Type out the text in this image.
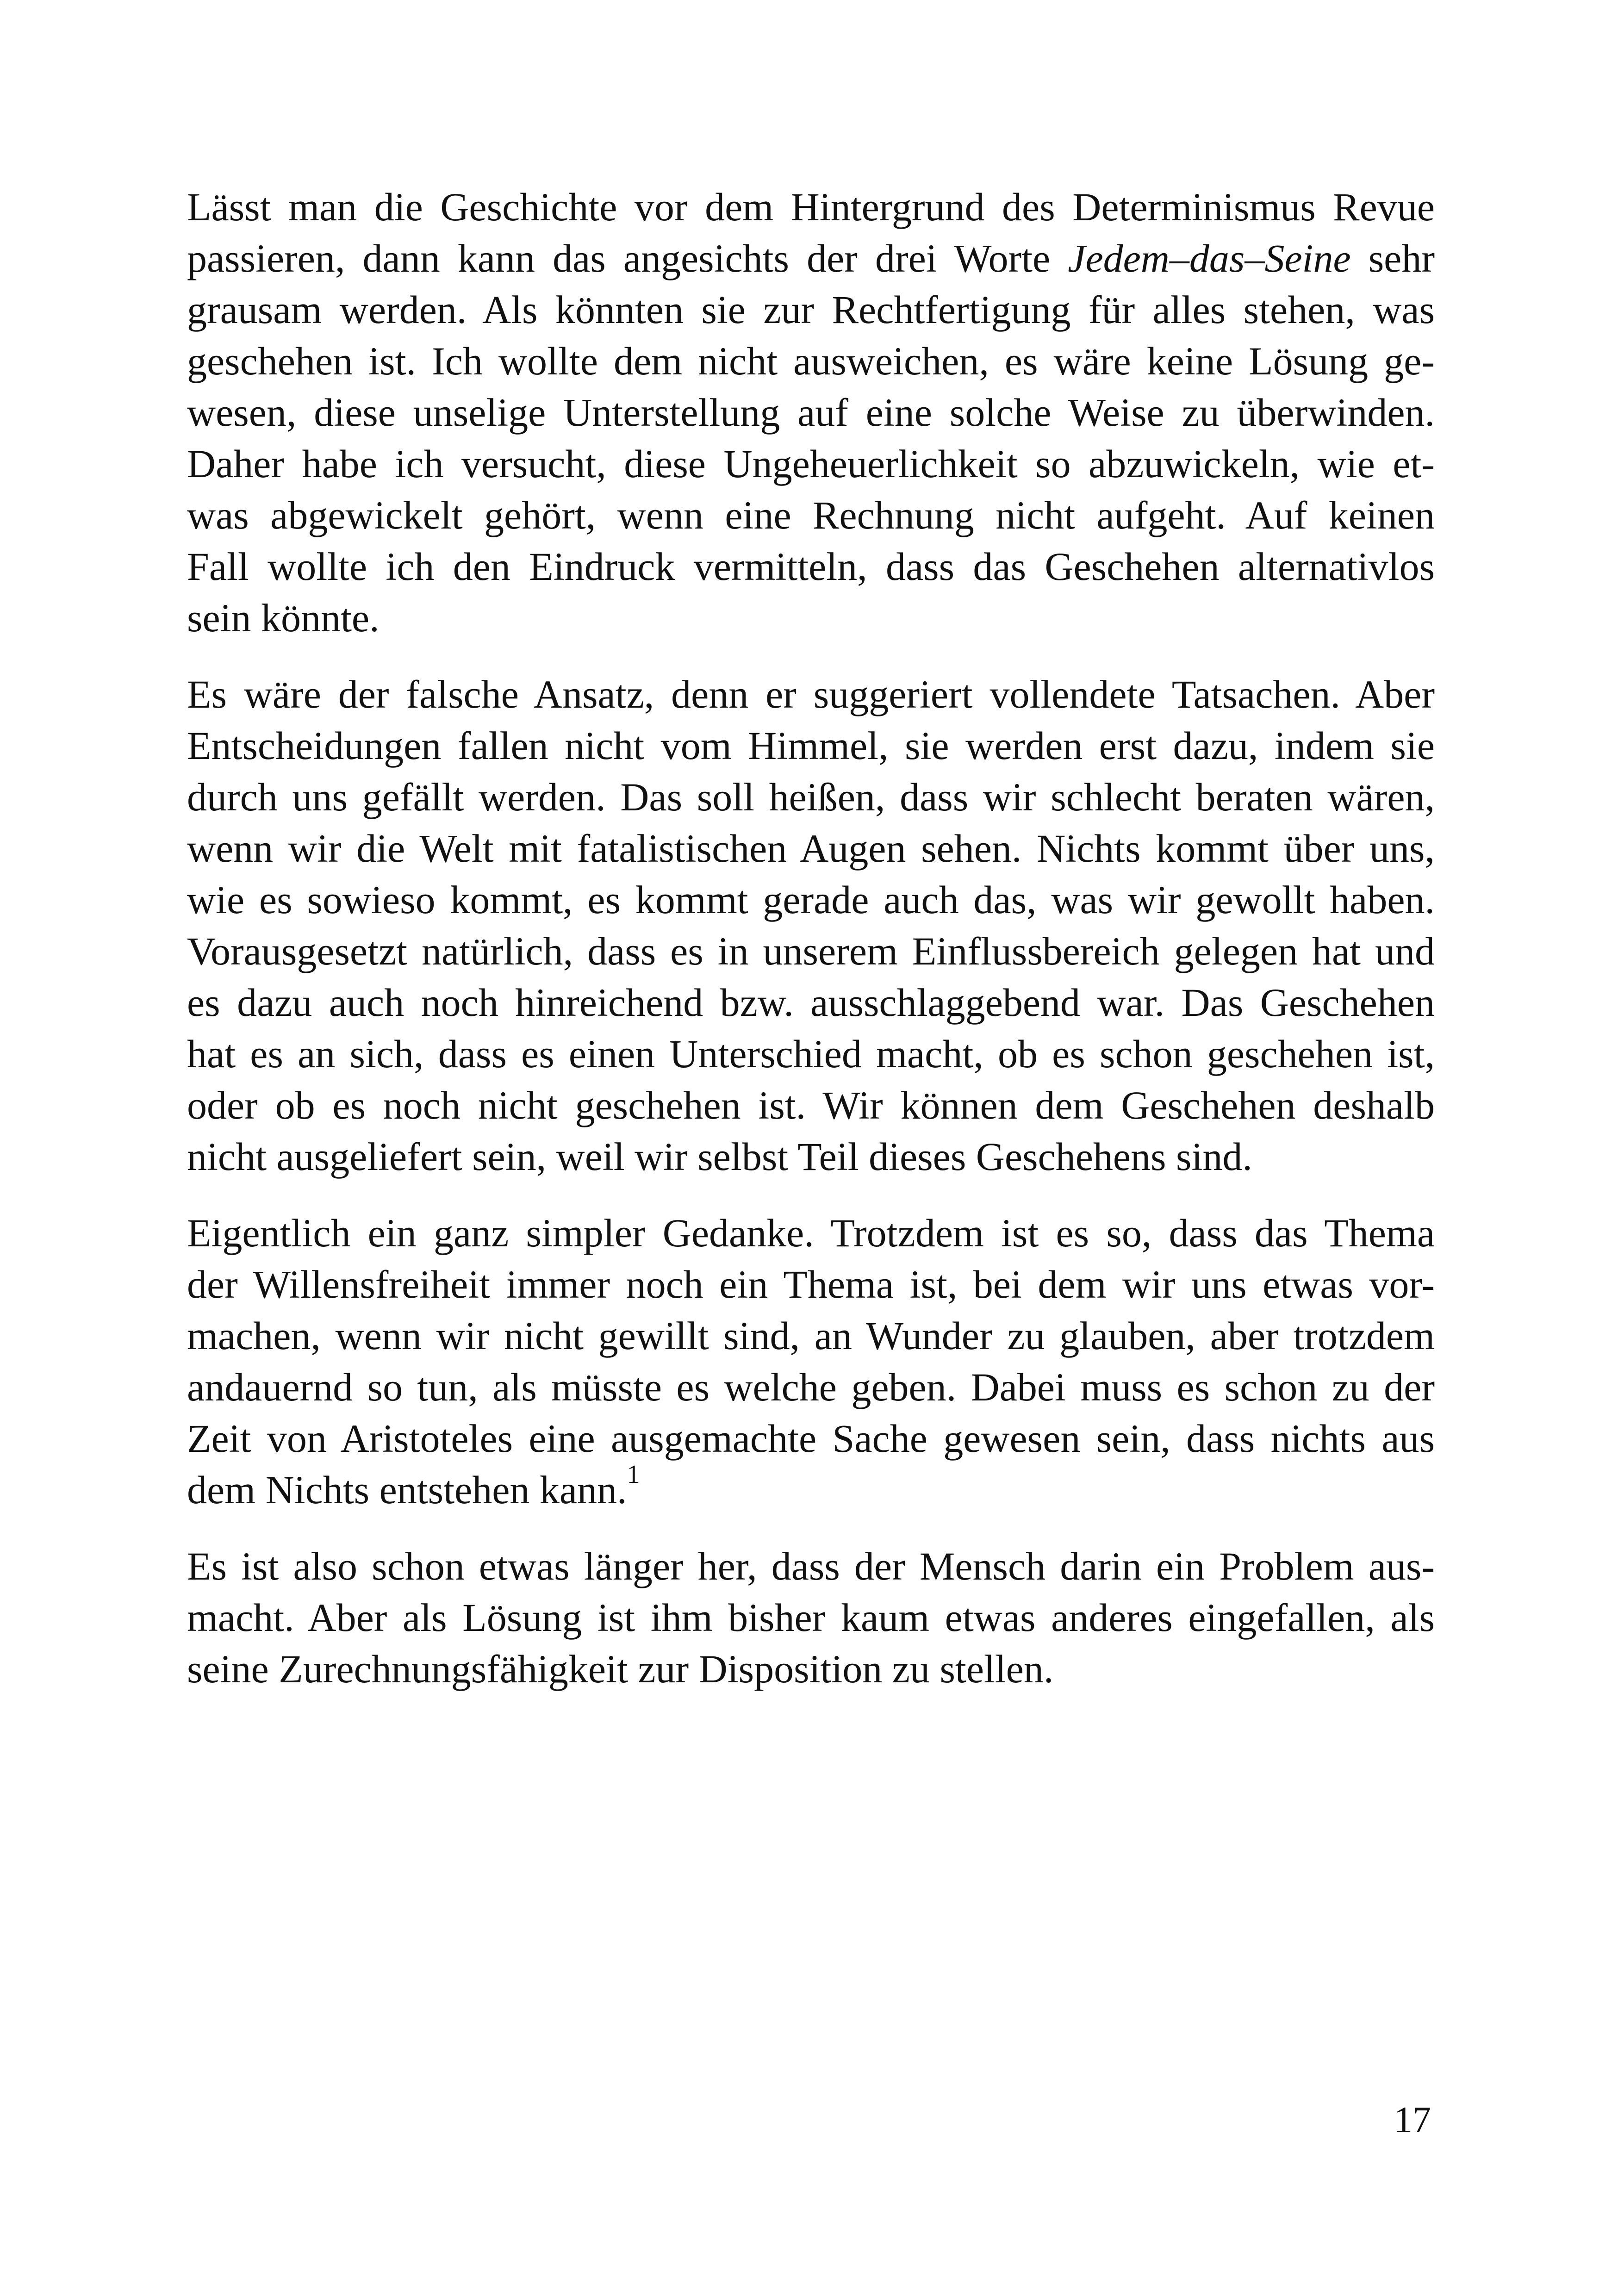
Lässt man die Geschichte vor dem Hintergrund des Determinismus Revue
passieren, dann kann das angesichts der drei Worte Jedem–das–Seine sehr
grausam werden. Als könnten sie zur Rechtfertigung für alles stehen, was
geschehen ist. Ich wollte dem nicht ausweichen, es wäre keine Lösung ge-
wesen, diese unselige Unterstellung auf eine solche Weise zu überwinden.
Daher habe ich versucht, diese Ungeheuerlichkeit so abzuwickeln, wie et-
was abgewickelt gehört, wenn eine Rechnung nicht aufgeht. Auf keinen
Fall wollte ich den Eindruck vermitteln, dass das Geschehen alternativlos
sein könnte.

Es wäre der falsche Ansatz, denn er suggeriert vollendete Tatsachen. Aber
Entscheidungen fallen nicht vom Himmel, sie werden erst dazu, indem sie
durch uns gefällt werden. Das soll heißen, dass wir schlecht beraten wären,
wenn wir die Welt mit fatalistischen Augen sehen. Nichts kommt über uns,
wie es sowieso kommt, es kommt gerade auch das, was wir gewollt haben.
Vorausgesetzt natürlich, dass es in unserem Einflussbereich gelegen hat und
es dazu auch noch hinreichend bzw. ausschlaggebend war. Das Geschehen
hat es an sich, dass es einen Unterschied macht, ob es schon geschehen ist,
oder ob es noch nicht geschehen ist. Wir können dem Geschehen deshalb
nicht ausgeliefert sein, weil wir selbst Teil dieses Geschehens sind.

Eigentlich ein ganz simpler Gedanke. Trotzdem ist es so, dass das Thema
der Willensfreiheit immer noch ein Thema ist, bei dem wir uns etwas vor-
machen, wenn wir nicht gewillt sind, an Wunder zu glauben, aber trotzdem
andauernd so tun, als müsste es welche geben. Dabei muss es schon zu der
Zeit von Aristoteles eine ausgemachte Sache gewesen sein, dass nichts aus
dem Nichts entstehen kann.$^1$

Es ist also schon etwas länger her, dass der Mensch darin ein Problem aus-
macht. Aber als Lösung ist ihm bisher kaum etwas anderes eingefallen, als
seine Zurechnungsfähigkeit zur Disposition zu stellen.

17
